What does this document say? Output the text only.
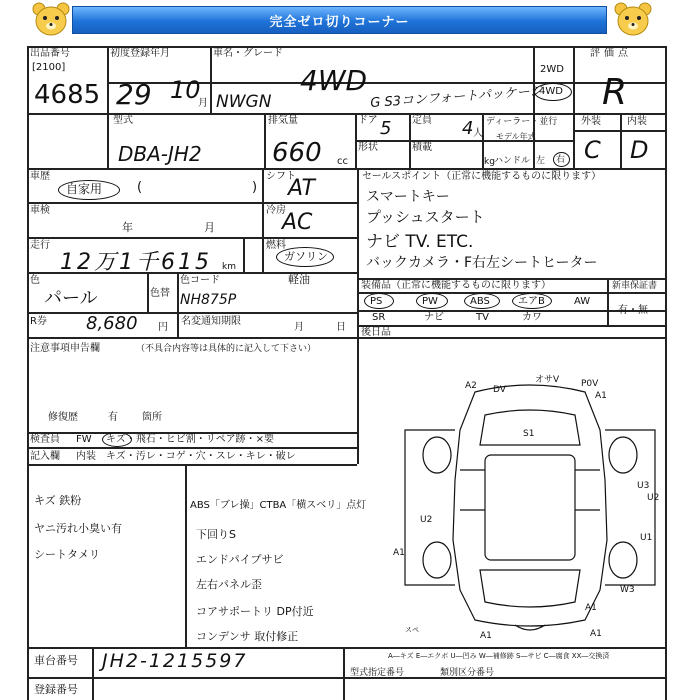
完全ゼロ切りコーナー
出品番号
[2100]
4685
初度登録年月
29 10
月
車名・グレード
NWGN
4WD
G S3コンフォートパッケージ
2WD
4WD
評価点
R
型式
DBA-JH2
排気量
660 cc
ドア 5 定員 4 人
形状	積載
kg
ディーラー・並行
モデル年式
ハンドル 左 右
外装	内装
C D
車歴
自家用	(	)
シフト
AT	セールスポイント（正常に機能するものに限ります）
スマートキー
プッシュスタート
ナビ TV. ETC.
バックカメラ・F右左シートヒーター
車検
年	月
冷房
AC
走行
12万1千615 km
燃料
ガソリン
軽油
色
パール	色替
色コード
NH875P
装備品（正常に機能するものに限ります）	新車保証書
PS	PW	ABS	エアB	AW
SR	ナビ	TV	カワ
有・無
後日品
R券 8,680 円
名変通知期限
月	日
注意事項申告欄	（不具合内容等は具体的に記入して下さい）
修復歴	有 箇所
検査員 FW キズ・飛石・ヒビ割・リペア跡・×要
記入欄 内装 キズ・汚レ・コゲ・穴・スレ・キレ・破レ
キズ 鉄粉
ヤニ汚れ小臭い有
シートタメリ
ABS「ブレ操」CTBA「横スベリ」点灯
下回りS
エンドパイプサビ
左右パネル歪
コアサポートリ DP付近
コンデンサ 取付修正
A2 DV
オサV P0V
A1
S1
U3
U2
U2
U1
A1
W3
A1
A1
A1
スペ
車台番号 JH2-1215597	A―キズ E―エクボ U―凹み W―補修跡 S―サビ C―腐食 XX―交換済
型式指定番号	類別区分番号
登録番号
